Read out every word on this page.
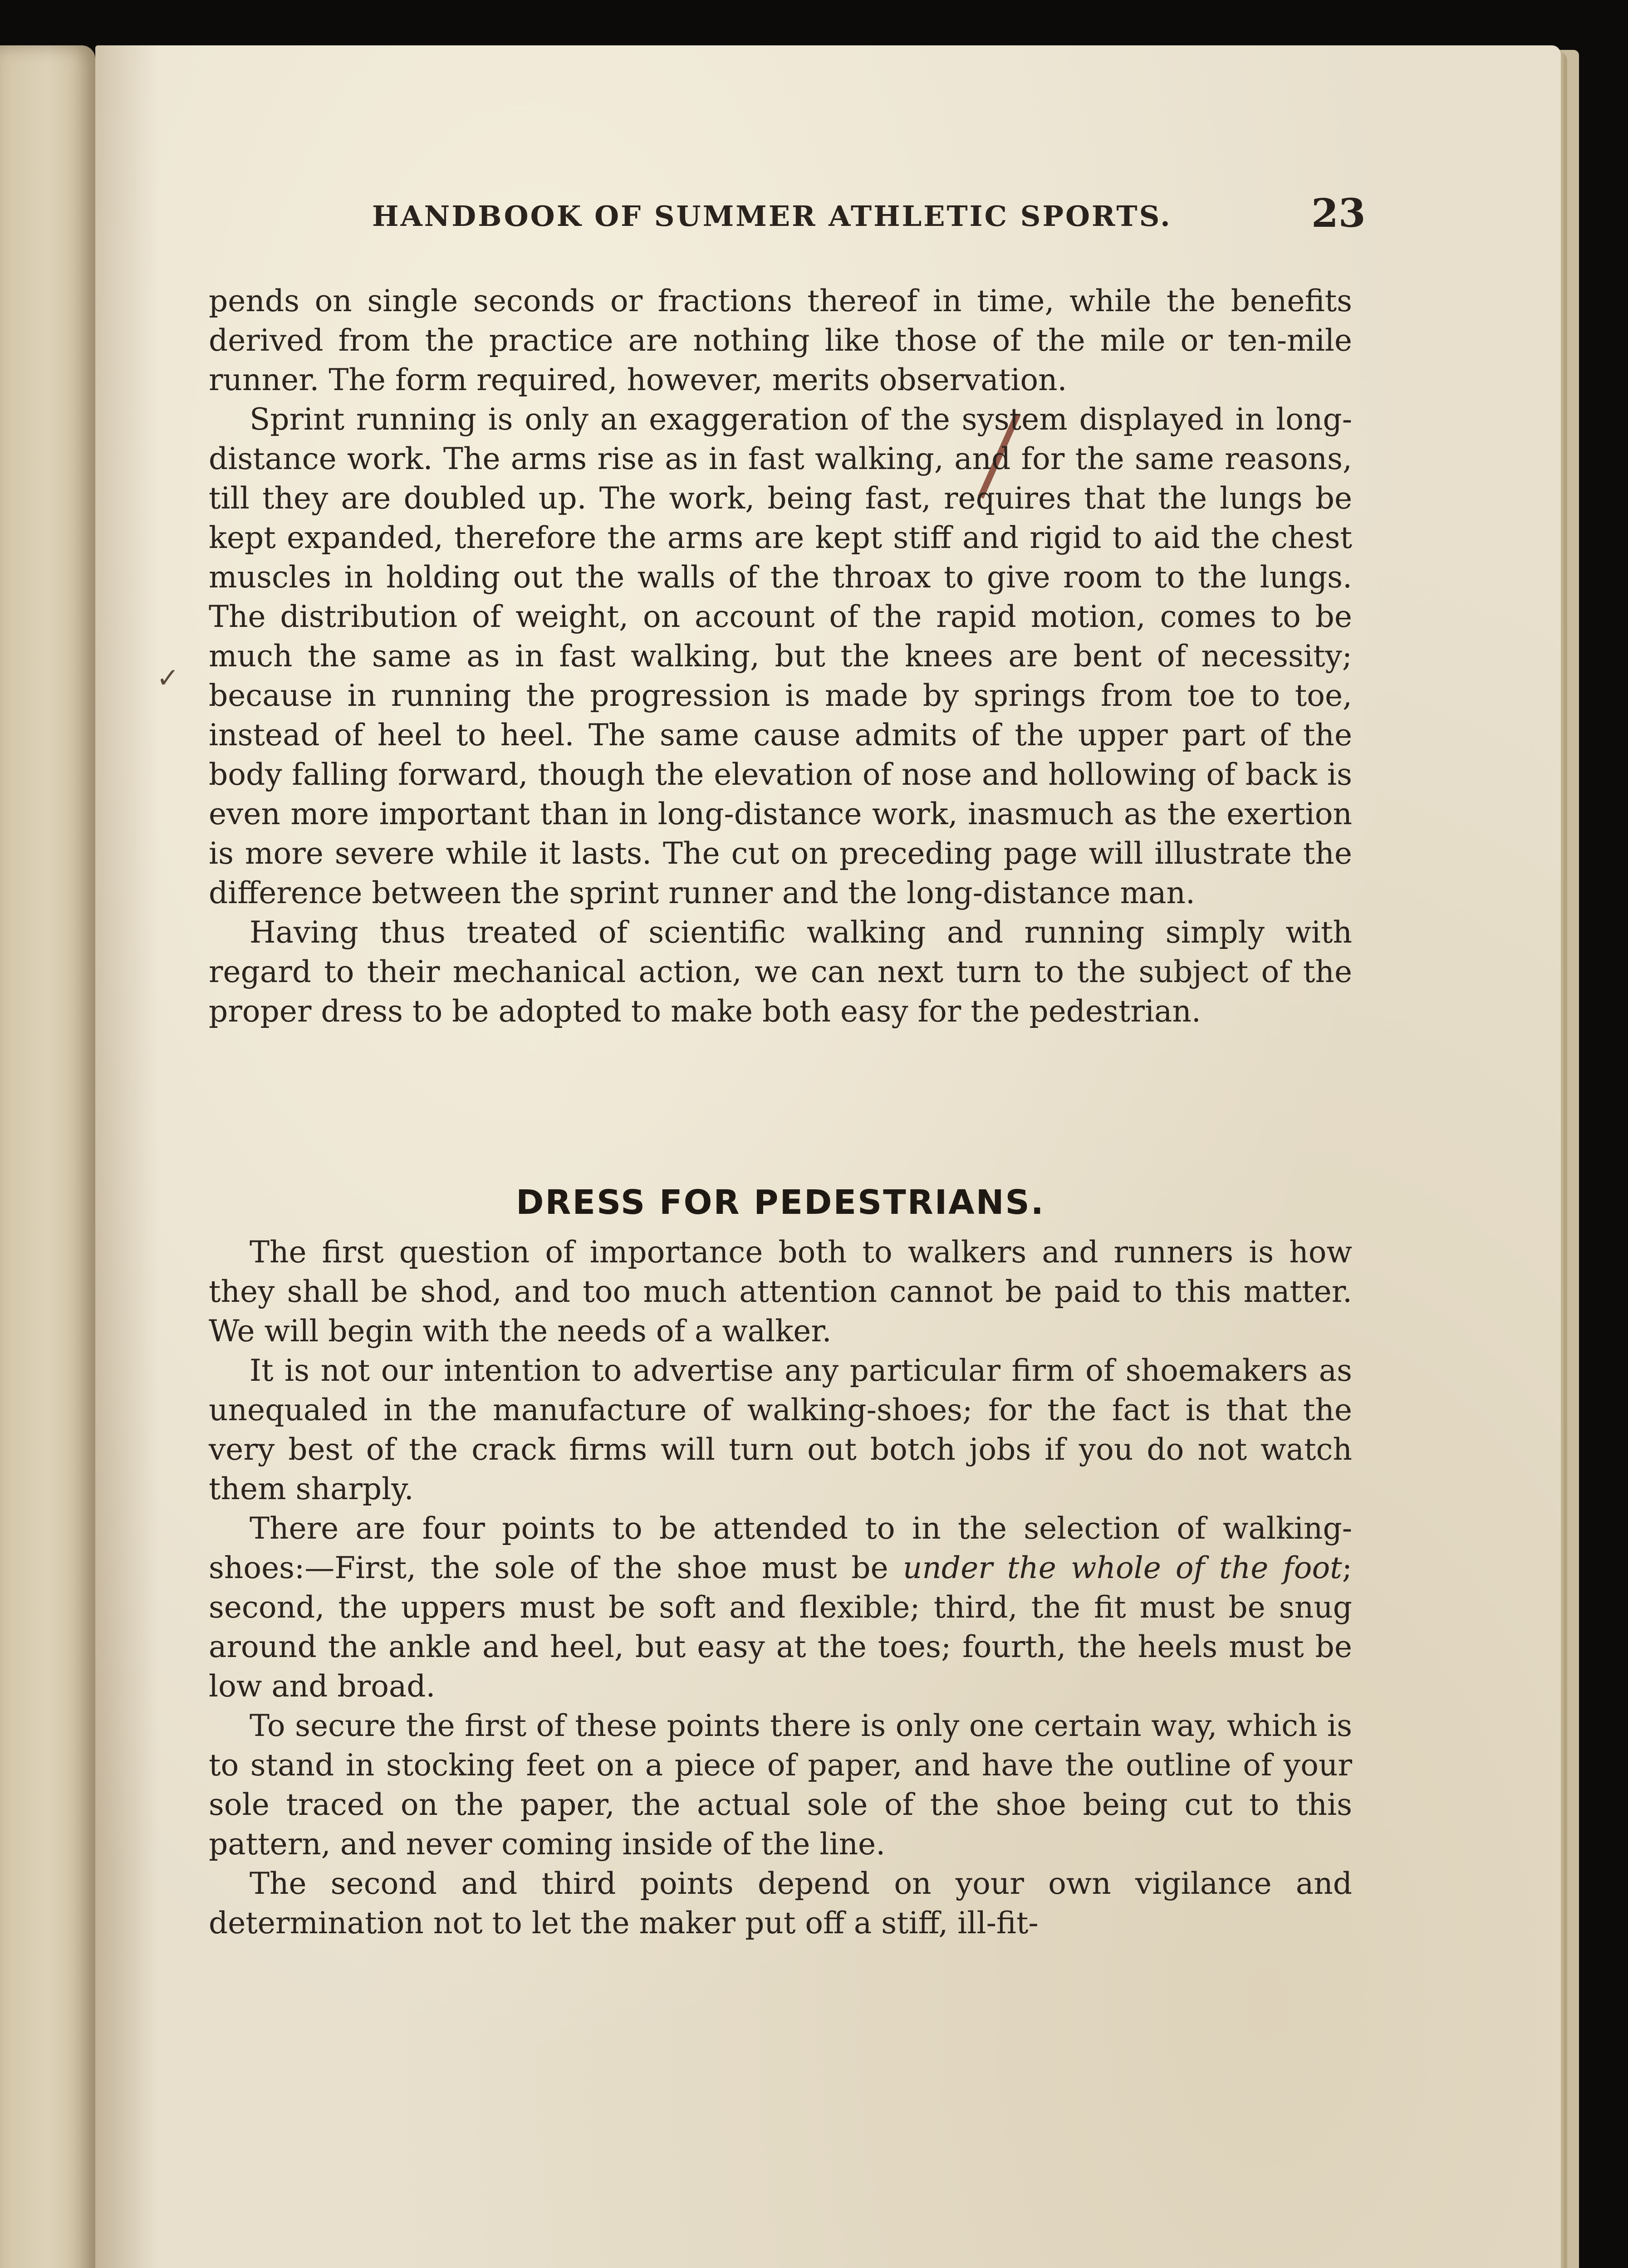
HANDBOOK OF SUMMER ATHLETIC SPORTS.	23
✓

pends on single seconds or fractions thereof in time, while the benefits derived from the practice are nothing like those of the mile or ten-mile runner. The form required, however, merits observation.

Sprint running is only an exaggeration of the system displayed in long-distance work. The arms rise as in fast walking, and for the same reasons, till they are doubled up. The work, being fast, requires that the lungs be kept expanded, therefore the arms are kept stiff and rigid to aid the chest muscles in holding out the walls of the throax to give room to the lungs. The distribution of weight, on account of the rapid motion, comes to be much the same as in fast walking, but the knees are bent of necessity; because in running the progression is made by springs from toe to toe, instead of heel to heel. The same cause admits of the upper part of the body falling forward, though the elevation of nose and hollowing of back is even more important than in long-distance work, inasmuch as the exertion is more severe while it lasts. The cut on preceding page will illustrate the difference between the sprint runner and the long-distance man.

Having thus treated of scientific walking and running simply with regard to their mechanical action, we can next turn to the subject of the proper dress to be adopted to make both easy for the pedestrian.

DRESS FOR PEDESTRIANS.

The first question of importance both to walkers and runners is how they shall be shod, and too much attention cannot be paid to this matter. We will begin with the needs of a walker.

It is not our intention to advertise any particular firm of shoemakers as unequaled in the manufacture of walking-shoes; for the fact is that the very best of the crack firms will turn out botch jobs if you do not watch them sharply.

There are four points to be attended to in the selection of walking-shoes:—First, the sole of the shoe must be under the whole of the foot; second, the uppers must be soft and flexible; third, the fit must be snug around the ankle and heel, but easy at the toes; fourth, the heels must be low and broad.

To secure the first of these points there is only one certain way, which is to stand in stocking feet on a piece of paper, and have the outline of your sole traced on the paper, the actual sole of the shoe being cut to this pattern, and never coming inside of the line.

The second and third points depend on your own vigilance and determination not to let the maker put off a stiff, ill-fit-
